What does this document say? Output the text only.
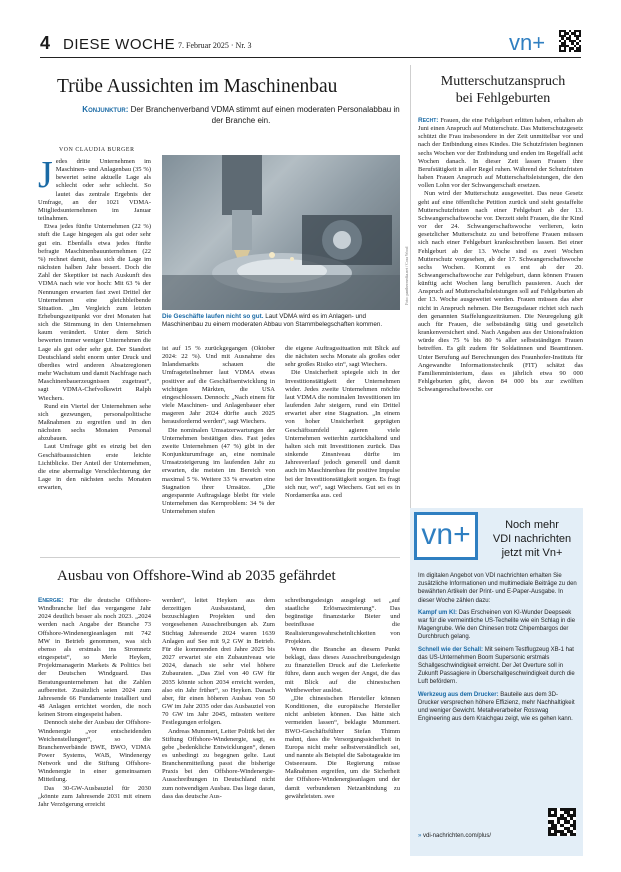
4 DIESE WOCHE 7. Februar 2025 · Nr. 3	vn+
Trübe Aussichten im Maschinenbau
Konjunktur: Der Branchenverband VDMA stimmt auf einen moderaten Personalabbau in der Branche ein.
VON CLAUDIA BURGER
J edes dritte Unternehmen im Maschinen- und Anlagenbau (35 %) bewertet seine aktuelle Lage als schlecht oder sehr schlecht. So lautet das zentrale Ergebnis der Umfrage, an der 1021 VDMA-Mitgliedsunternehmen im Januar teilnahmen.

Etwa jedes fünfte Unternehmen (22 %) stuft die Lage hingegen als gut oder sehr gut ein. Ebenfalls etwa jedes fünfte befragte Maschinenbauunternehmen (22 %) rechnet damit, dass sich die Lage im nächsten halben Jahr bessert. Doch die Zahl der Skeptiker ist nach Auskunft des VDMA nach wie vor hoch: Mit 63 % der Nennungen erwarten fast zwei Drittel der Unternehmen eine gleichbleibende Situation. „Im Vergleich zum letzten Erhebungszeitpunkt vor drei Monaten hat sich die Stimmung in den Unternehmen kaum verändert. Unter dem Strich bewerten immer weniger Unternehmen die Lage als gut oder sehr gut. Der Standort Deutschland steht enorm unter Druck und überdies wird anderen Absatzregionen mehr Wachstum und damit Nachfrage nach Maschinenbauerzeugnissen zugetraut“, sagt VDMA-Chefvolkswirt Ralph Wiechers.

Rund ein Viertel der Unternehmen sehe sich gezwungen, personalpolitische Maßnahmen zu ergreifen und in den nächsten sechs Monaten Personal abzubauen.

Laut Umfrage gibt es einzig bei den Geschäftsaussichten erste leichte Lichtblicke. Der Anteil der Unternehmen, die eine abermalige Verschlechterung der Lage in den nächsten sechs Monaten erwarten,

Foto: panthermedia.net / Cora Wood
Die Geschäfte laufen nicht so gut. Laut VDMA wird es im Anlagen- und Maschinenbau zu einem moderaten Abbau von Stammbelegschaften kommen.

ist auf 15 % zurückgegangen (Oktober 2024: 22 %). Und mit Ausnahme des Inlandsmarkts schauen die Umfrageteilnehmer laut VDMA etwas positiver auf die Geschäftsentwicklung in wichtigen Märkten, die USA eingeschlossen. Dennoch: „Nach einem für viele Maschinen- und Anlagenbauer eher mageren Jahr 2024 dürfte auch 2025 herausfordernd werden“, sagt Wiechers.

Die nominalen Umsatzerwartungen der Unternehmen bestätigen dies. Fast jedes zweite Unternehmen (47 %) gibt in der Konjunkturumfrage an, eine nominale Umsatzsteigerung im laufenden Jahr zu erwarten, die meisten im Bereich von maximal 5 %. Weitere 33 % erwarten eine Stagnation ihrer Umsätze. „Die angespannte Auftragslage bleibt für viele Unternehmen das Kernproblem: 34 % der Unternehmen stufen

die eigene Auftragssituation mit Blick auf die nächsten sechs Monate als großes oder sehr großes Risiko ein“, sagt Wiechers.

Die Unsicherheit spiegele sich in der Investitionstätigkeit der Unternehmen wider. Jedes zweite Unternehmen möchte laut VDMA die nominalen Investitionen im laufenden Jahr steigern, rund ein Drittel erwartet aber eine Stagnation. „In einem von hoher Unsicherheit geprägten Geschäftsumfeld agieren viele Unternehmen weiterhin zurückhaltend und halten sich mit Investitionen zurück. Das sinkende Zinsniveau dürfte im Jahresverlauf jedoch generell und damit auch im Maschinenbau für positive Impulse bei der Investitionstätigkeit sorgen. Es fragt sich nur, wo“, sagt Wiechers. Gut sei es in Nordamerika aus. ced

Mutterschutzanspruch
bei Fehlgeburten

Recht: Frauen, die eine Fehlgeburt erlitten haben, erhalten ab Juni einen Anspruch auf Mutterschutz. Das Mutterschutzgesetz schützt die Frau insbesondere in der Zeit unmittelbar vor und nach der Entbindung eines Kindes. Die Schutzfristen beginnen sechs Wochen vor der Entbindung und enden im Regelfall acht Wochen danach. In dieser Zeit lassen Frauen ihre Berufstätigkeit in aller Regel ruhen. Während der Schutzfristen haben Frauen Anspruch auf Mutterschaftsleistungen, die den vollen Lohn vor der Schwangerschaft ersetzen.

Nun wird der Mutterschutz ausgeweitet. Das neue Gesetz geht auf eine öffentliche Petition zurück und sieht gestaffelte Mutterschutzfristen nach einer Fehlgeburt ab der 13. Schwangerschaftswoche vor. Derzeit steht Frauen, die ihr Kind vor der 24. Schwangerschaftswoche verlieren, kein gesetzlicher Mutterschutz zu und betroffene Frauen müssen sich nach einer Fehlgeburt krankschreiben lassen. Bei einer Fehlgeburt ab der 13. Woche sind es zwei Wochen Mutterschutz vorgesehen, ab der 17. Schwangerschaftswoche sechs Wochen. Kommt es erst ab der 20. Schwangerschaftswoche zur Fehlgeburt, dann können Frauen künftig acht Wochen lang beruflich pausieren. Auch der Anspruch auf Mutterschaftsleistungen soll auf Fehlgeburten ab der 13. Woche ausgeweitet werden. Frauen müssen das aber nicht in Anspruch nehmen. Die Bezugsdauer richtet sich nach den genannten Staffelungszeiträumen. Die Neuregelung gilt auch für Frauen, die selbstständig tätig und gesetzlich krankenversichert sind. Nach Angaben aus der Unionsfraktion würde dies 75 % bis 80 % aller selbstständigen Frauen betreffen. Es gilt zudem für Soldatinnen und Beamtinnen. Unter Berufung auf Berechnungen des Fraunhofer-Instituts für Angewandte Informationstechnik (FIT) schätzt das Familienministerium, dass es jährlich etwa 90 000 Fehlgeburten gibt, davon 84 000 bis zur zwölften Schwangerschaftswoche. cer

Ausbau von Offshore-Wind ab 2035 gefährdet

Energie: Für die deutsche Offshore-Windbranche lief das vergangene Jahr 2024 deutlich besser als noch 2023. „2024 werden nach Angabe der Branche 73 Offshore-Windenergieanlagen mit 742 MW in Betrieb genommen, was sich ebenso als erstmals ins Stromnetz eingespeist“, so Merle Heyken, Projektmanagerin Markets & Politics bei der Deutschen Windguard. Das Beratungsunternehmen hat die Zahlen aufbereitet. Zusätzlich seien 2024 zum Jahresende 66 Fundamente installiert und 48 Anlagen errichtet worden, die noch keinen Strom eingespeist haben.

Dennoch stehe der Ausbau der Offshore-Windenergie „vor entscheidenden Weichenstellungen“, so die Branchenverbände BWE, BWO, VDMA Power Systems, WAB, Windenergy Network und die Stiftung Offshore-Windenergie in einer gemeinsamen Mitteilung.

Das 30-GW-Ausbauziel für 2030 „könnte zum Jahresende 2031 mit einem Jahr Verzögerung erreicht

werden“, leitet Heyken aus dem derzeitigen Ausbaustand, den bezuschlagten Projekten und den vorgesehenen Ausschreibungen ab. Zum Stichtag Jahresende 2024 waren 1639 Anlagen auf See mit 9,2 GW in Betrieb. Für die kommenden drei Jahre 2025 bis 2027 erwartet sie ein Zubauniveau wie 2024, danach sie sehr viel höhere Zubauraten. „Das Ziel von 40 GW für 2035 könnte schon 2034 erreicht werden, also ein Jahr früher“, so Heyken. Danach aber, für einen höheren Ausbau von 50 GW im Jahr 2035 oder das Ausbauziel von 70 GW im Jahr 2045, müssten weitere Festlegungen erfolgen.

Andreas Mummert, Leiter Politik bei der Stiftung Offshore-Windenergie, sagt, es gebe „bedenkliche Entwicklungen“, denen es unbedingt zu begegnen gelte. Laut Branchenmitteilung passt die bisherige Praxis bei den Offshore-Windenergie-Ausschreibungen in Deutschland nicht zum notwendigen Ausbau. Das liege daran, dass das deutsche Aus-

schreibungsdesign ausgelegt sei „auf staatliche Erlösmaximierung“. Das begünstige finanzstarke Bieter und beeinflusse die Realisierungswahrscheinlichkeiten von Projekten.

Wenn die Branche an diesem Punkt beklagt, dass dieses Ausschreibungsdesign zu finanziellen Druck auf die Lieferkette führe, dann auch wegen der Angst, die das mit Blick auf die chinesischen Wettbewerber auslöst.

„Die chinesischen Hersteller können Konditionen, die europäische Hersteller nicht anbieten können. Das hätte sich vermeiden lassen“, beklagte Mummert. BWO-Geschäftsführer Stefan Thimm mahnt, dass die Versorgungssicherheit in Europa nicht mehr selbstverständlich sei, und nannte als Beispiel die Sabotageakte im Ostseeraum. Die Regierung müsse Maßnahmen ergreifen, um die Sicherheit der Offshore-Windenergieanlagen und der damit verbundenen Netzanbindung zu gewährleisten. swe

vn+	Noch mehr
VDI nachrichten
jetzt mit Vn+

Im digitalen Angebot von VDI nachrichten erhalten Sie zusätzliche Informationen und multimediale Beiträge zu den bewährten Artikeln der Print- und E-Paper-Ausgabe. In dieser Woche zählen dazu:

Kampf um KI: Das Erscheinen von KI-Wunder Deepseek war für die vermeintliche US-Techelite wie ein Schlag in die Magengrube. Wie den Chinesen trotz Chipembargos der Durchbruch gelang.

Schnell wie der Schall: Mit seinem Testflugzeug XB-1 hat das US-Unternehmen Boom Supersonic erstmals Schallgeschwindigkeit erreicht. Der Jet Overture soll in Zukunft Passagiere in Überschallgeschwindigkeit durch die Luft befördern.

Werkzeug aus dem Drucker: Bauteile aus dem 3D-Drucker versprechen höhere Effizienz, mehr Nachhaltigkeit und weniger Gewicht. Metallverarbeiter Rosswag Engineering aus dem Kraichgau zeigt, wie es gehen kann.

» vdi-nachrichten.com/plus/
